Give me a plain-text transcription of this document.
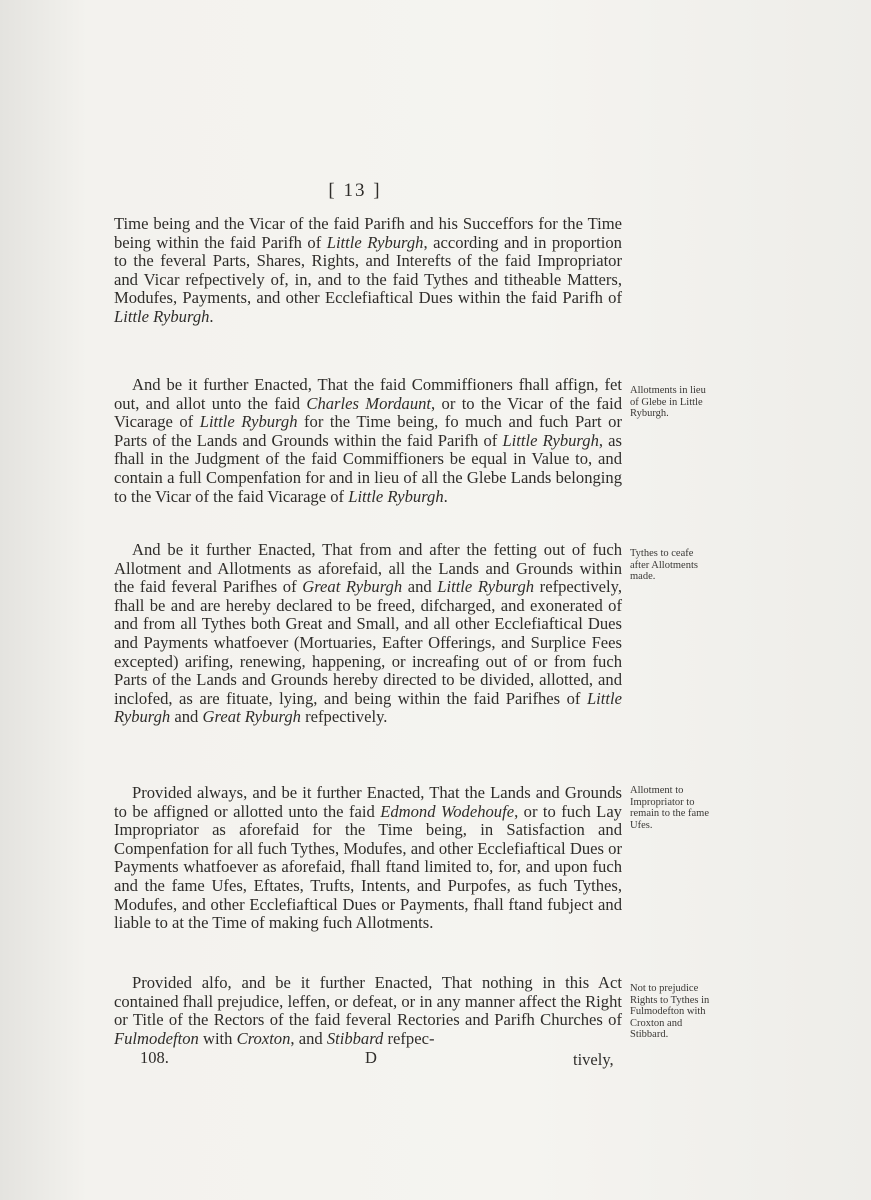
[ 13 ]

Time being and the Vicar of the faid Parifh and his Succeffors for the Time being within the faid Parifh of Little Ryburgh, according and in proportion to the feveral Parts, Shares, Rights, and Interefts of the faid Impropriator and Vicar refpectively of, in, and to the faid Tythes and titheable Matters, Modufes, Payments, and other Ecclefiaftical Dues within the faid Parifh of Little Ryburgh.

And be it further Enacted, That the faid Commiffioners fhall affign, fet out, and allot unto the faid Charles Mordaunt, or to the Vicar of the faid Vicarage of Little Ryburgh for the Time being, fo much and fuch Part or Parts of the Lands and Grounds within the faid Parifh of Little Ryburgh, as fhall in the Judgment of the faid Commiffioners be equal in Value to, and contain a full Compenfation for and in lieu of all the Glebe Lands belonging to the Vicar of the faid Vicarage of Little Ryburgh.

And be it further Enacted, That from and after the fetting out of fuch Allotment and Allotments as aforefaid, all the Lands and Grounds within the faid feveral Parifhes of Great Ryburgh and Little Ryburgh refpectively, fhall be and are hereby declared to be freed, difcharged, and exonerated of and from all Tythes both Great and Small, and all other Ecclefiaftical Dues and Payments whatfoever (Mortuaries, Eafter Offerings, and Surplice Fees excepted) arifing, renewing, happening, or increafing out of or from fuch Parts of the Lands and Grounds hereby directed to be divided, allotted, and inclofed, as are fituate, lying, and being within the faid Parifhes of Little Ryburgh and Great Ryburgh refpectively.

Provided always, and be it further Enacted, That the Lands and Grounds to be affigned or allotted unto the faid Edmond Wodehoufe, or to fuch Lay Impropriator as aforefaid for the Time being, in Satisfaction and Compenfation for all fuch Tythes, Modufes, and other Ecclefiaftical Dues or Payments whatfoever as aforefaid, fhall ftand limited to, for, and upon fuch and the fame Ufes, Eftates, Trufts, Intents, and Purpofes, as fuch Tythes, Modufes, and other Ecclefiaftical Dues or Payments, fhall ftand fubject and liable to at the Time of making fuch Allotments.

Provided alfo, and be it further Enacted, That nothing in this Act contained fhall prejudice, leffen, or defeat, or in any manner affect the Right or Title of the Rectors of the faid feveral Rectories and Parifh Churches of Fulmodefton with Croxton, and Stibbard refpec-

Allotments in lieu of Glebe in Little Ryburgh.
Tythes to ceafe after Allotments made.
Allotment to Impropriator to remain to the fame Ufes.
Not to prejudice Rights to Tythes in Fulmodefton with Croxton and Stibbard.
108.	D	tively,
